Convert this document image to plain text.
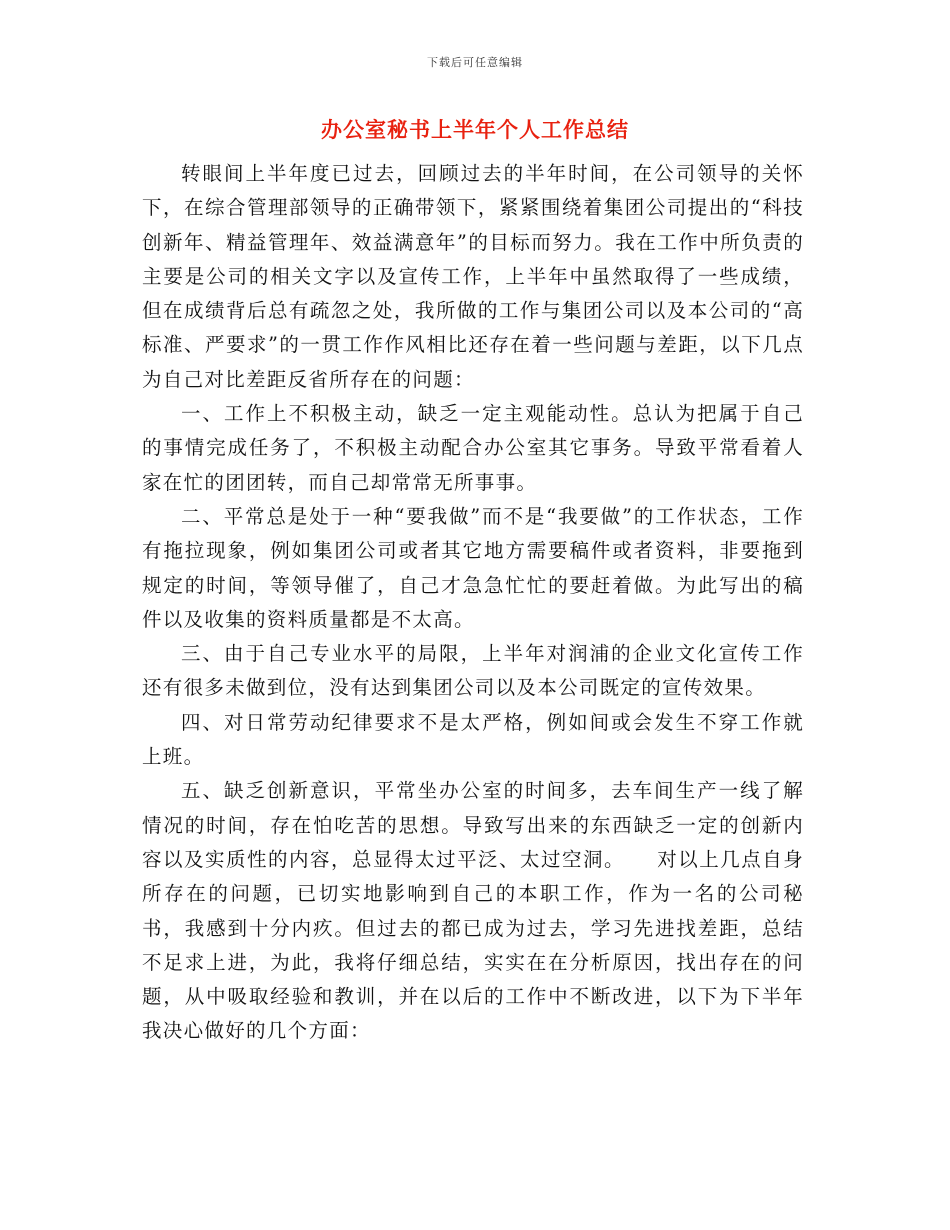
下载后可任意编辑
办公室秘书上半年个人工作总结

转眼间上半年度已过去，回顾过去的半年时间，在公司领导的关怀下，在综合管理部领导的正确带领下，紧紧围绕着集团公司提出的“科技创新年、精益管理年、效益满意年”的目标而努力。我在工作中所负责的主要是公司的相关文字以及宣传工作，上半年中虽然取得了一些成绩，但在成绩背后总有疏忽之处，我所做的工作与集团公司以及本公司的“高标准、严要求”的一贯工作作风相比还存在着一些问题与差距，以下几点为自己对比差距反省所存在的问题：

一、工作上不积极主动，缺乏一定主观能动性。总认为把属于自己的事情完成任务了，不积极主动配合办公室其它事务。导致平常看着人家在忙的团团转，而自己却常常无所事事。

二、平常总是处于一种“要我做”而不是“我要做”的工作状态，工作有拖拉现象，例如集团公司或者其它地方需要稿件或者资料，非要拖到规定的时间，等领导催了，自己才急急忙忙的要赶着做。为此写出的稿件以及收集的资料质量都是不太高。

三、由于自己专业水平的局限，上半年对润浦的企业文化宣传工作还有很多未做到位，没有达到集团公司以及本公司既定的宣传效果。

四、对日常劳动纪律要求不是太严格，例如间或会发生不穿工作就上班。

五、缺乏创新意识，平常坐办公室的时间多，去车间生产一线了解情况的时间，存在怕吃苦的思想。导致写出来的东西缺乏一定的创新内容以及实质性的内容，总显得太过平泛、太过空洞。　　对以上几点自身所存在的问题，已切实地影响到自己的本职工作，作为一名的公司秘书，我感到十分内疚。但过去的都已成为过去，学习先进找差距，总结不足求上进，为此，我将仔细总结，实实在在分析原因，找出存在的问题，从中吸取经验和教训，并在以后的工作中不断改进，以下为下半年我决心做好的几个方面：
